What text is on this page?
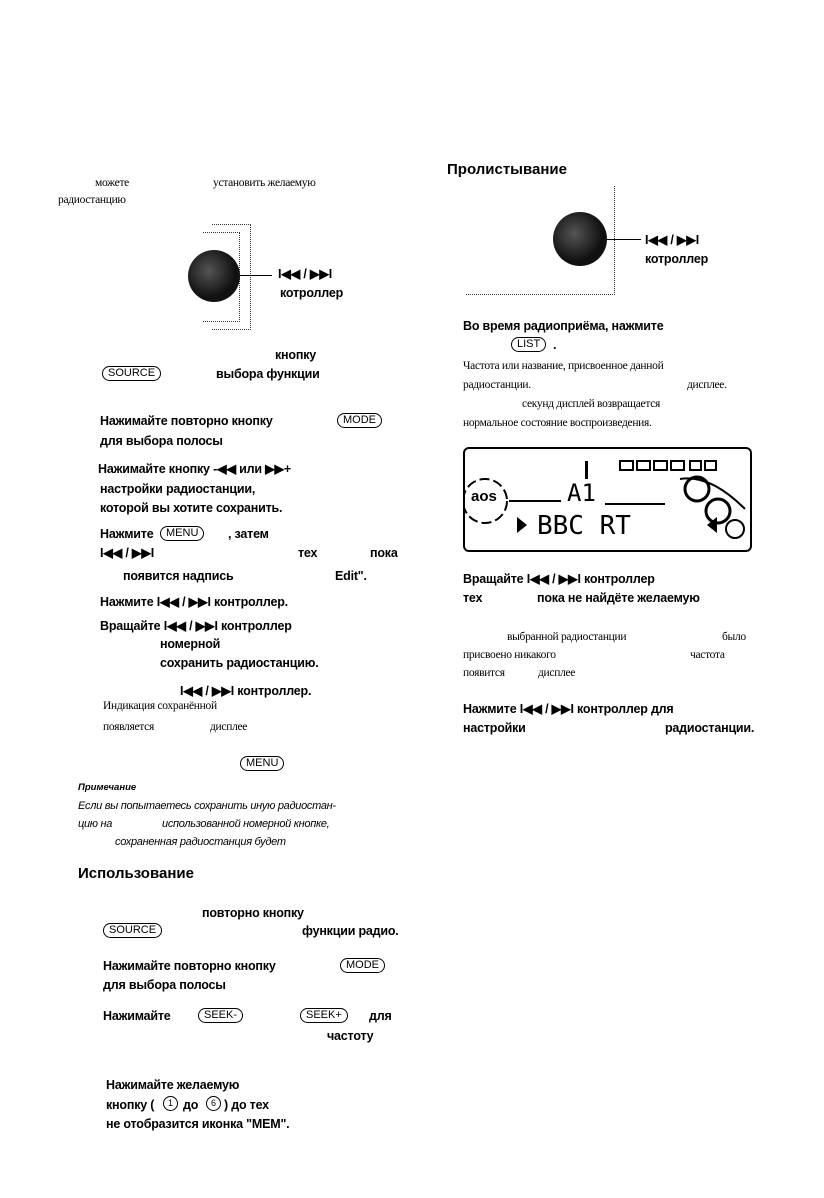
можете	установить желаемую
радиостанцию
I◀◀ / ▶▶I
котроллер
кнопку
SOURCE	выбора функции
Нажимайте повторно кнопку	MODE
для выбора полосы
Нажимайте кнопку -◀◀ или ▶▶+
настройки радиостанции,
которой вы хотите сохранить.
Нажмите	MENU	, затем
I◀◀ / ▶▶I	тех	пока
появится надпись	Edit".
Нажмите I◀◀ / ▶▶I контроллер.
Вращайте I◀◀ / ▶▶I контроллер
номерной
сохранить радиостанцию.
I◀◀ / ▶▶I контроллер.
Индикация сохранённой
появляется	дисплее
MENU
Примечание
Если вы попытаетесь сохранить иную радиостан-
цию на	использованной номерной кнопке,
сохраненная радиостанция будет
Использование
повторно кнопку
SOURCE	функции радио.
Нажимайте повторно кнопку	MODE
для выбора полосы
Нажимайте	SEEK-	SEEK+	для
частоту
Нажимайте желаемую
кнопку (	1 до	6 ) до тех
не отобразится иконка "MEM".
Пролистывание
I◀◀ / ▶▶I
котроллер
Во время радиоприёма, нажмите
LIST	.
Частота или название, присвоенное данной
радиостанции.	дисплее.
секунд дисплей возвращается
нормальное состояние воспроизведения.
aos	A1
BBC RT
Вращайте I◀◀ / ▶▶I контроллер
тех	пока не найдёте желаемую
выбранной радиостанции	было
присвоено никакого	частота
появится	дисплее
Нажмите I◀◀ / ▶▶I контроллер для
настройки	радиостанции.
